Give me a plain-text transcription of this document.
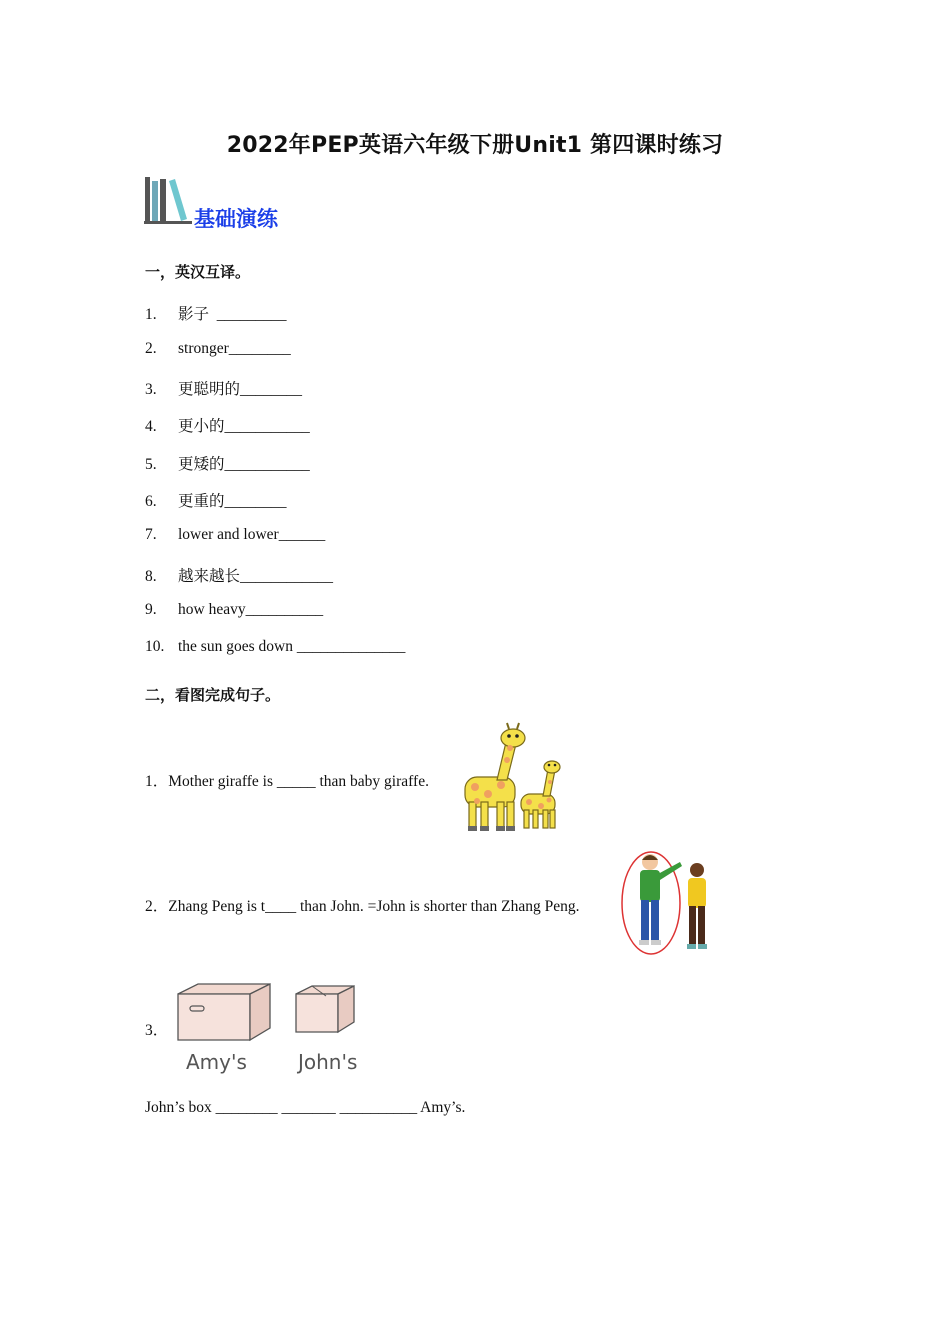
2022年PEP英语六年级下册Unit1 第四课时练习
基础演练
一，英汉互译。
1. 影子  _________
2. stronger________
3. 更聪明的________
4. 更小的___________
5. 更矮的___________
6. 更重的________
7. lower and lower______
8. 越来越长____________
9. how heavy__________
10. the sun goes down ______________
二，看图完成句子。
1．Mother giraffe is _____ than baby giraffe.
2．Zhang Peng is t____ than John. =John is shorter than Zhang Peng.
3．
Amy's	John's
John’s box ________ _______ __________ Amy’s.
